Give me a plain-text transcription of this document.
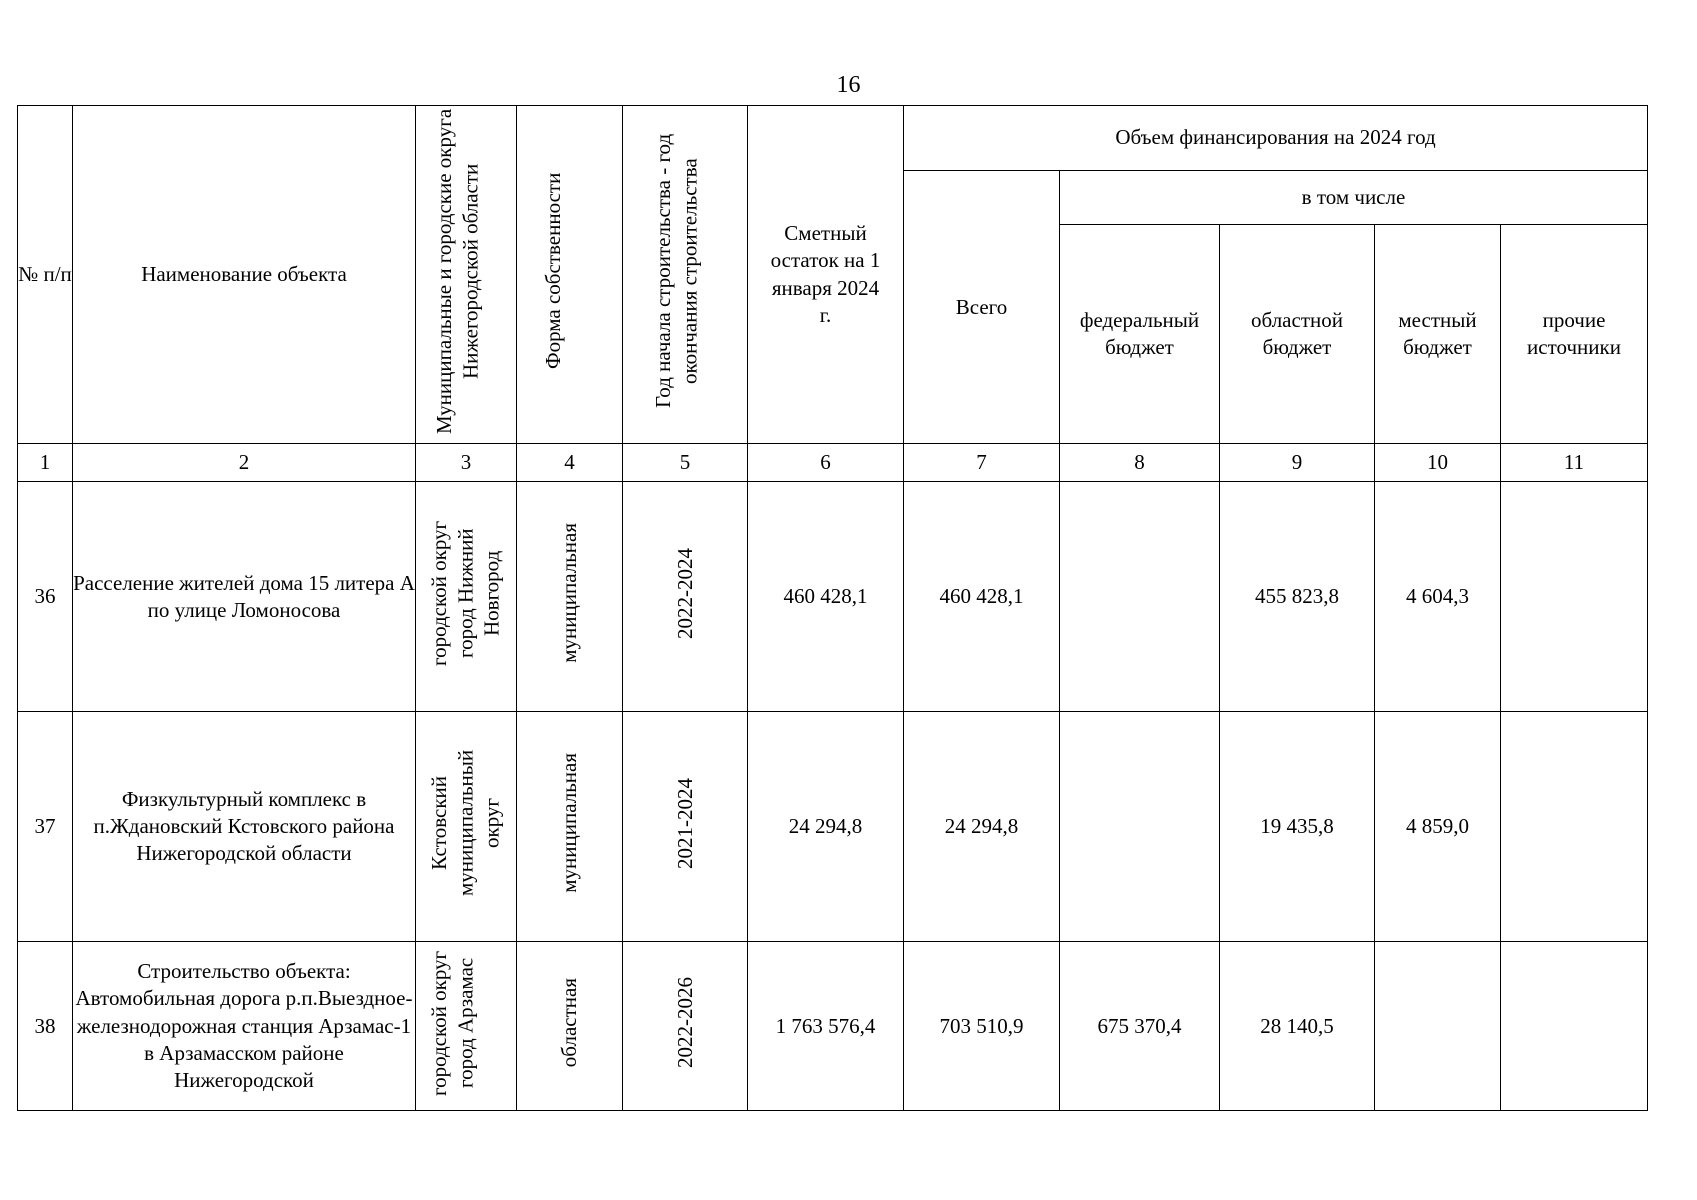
16
№ п/п	Наименование объекта	Муниципальные и городские округа Нижегородской области	Форма собственности	Год начала строительства - год окончания строительства	Сметный остаток на 1 января 2024 г.	Объем финансирования на 2024 год				
						Всего	в том числе			

							федеральный бюджет	областной бюджет	местный бюджет	прочие источники

1	2	3	4	5	6	7	8	9	10	11
36	Расселение жителей дома 15 литера А по улице Ломоносова	городской округ город Нижний Новгород	муниципальная	2022-2024	460 428,1	460 428,1		455 823,8	4 604,3	
37	Физкультурный комплекс в п.Ждановский Кстовского района Нижегородской области	Кстовский муниципальный округ	муниципальная	2021-2024	24 294,8	24 294,8		19 435,8	4 859,0	
38	Строительство объекта: Автомобильная дорога р.п.Выездное-железнодорожная станция Арзамас-1 в Арзамасском районе Нижегородской	городской округ город Арзамас	областная	2022-2026	1 763 576,4	703 510,9	675 370,4	28 140,5		
